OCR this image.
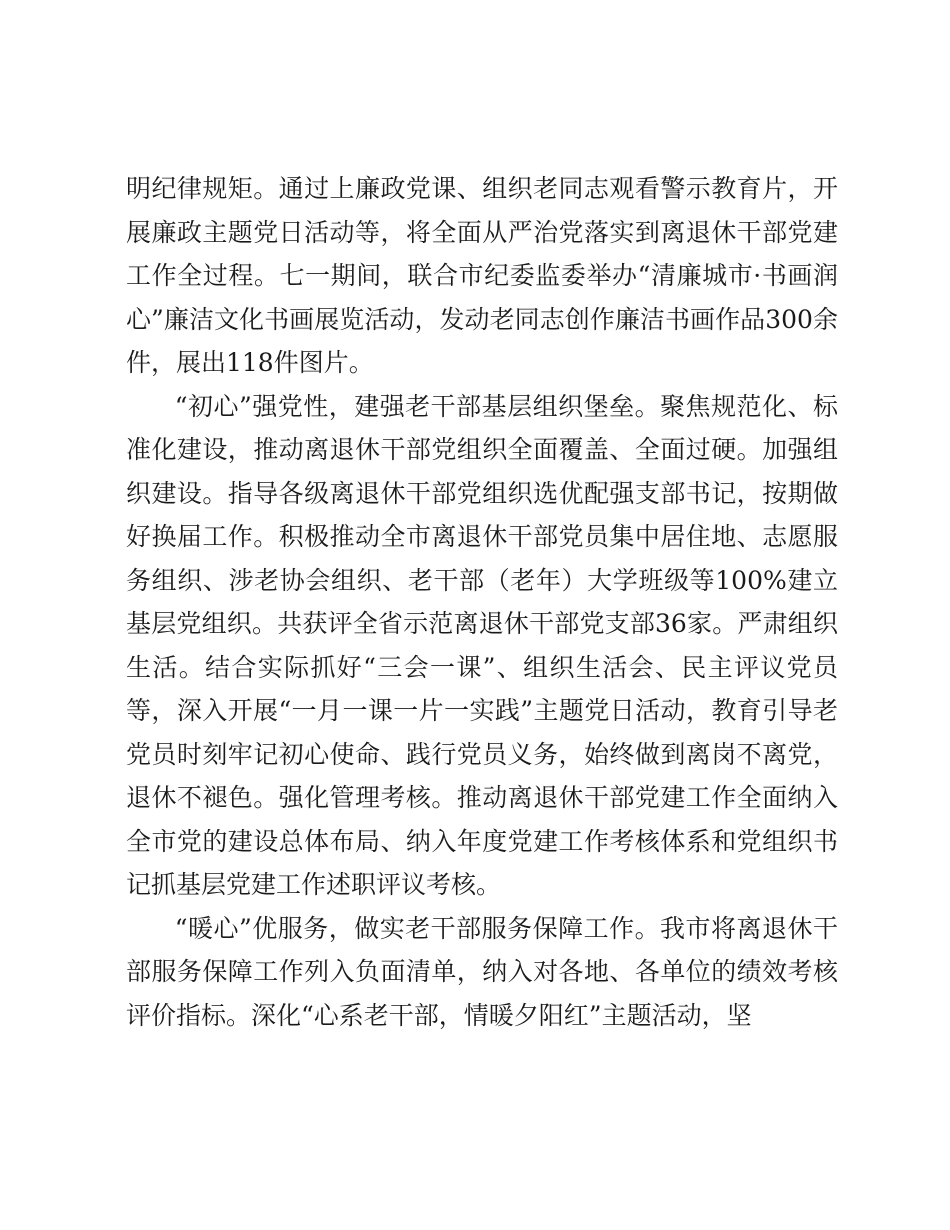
明纪律规矩。通过上廉政党课、组织老同志观看警示教育片，开展廉政主题党日活动等，将全面从严治党落实到离退休干部党建工作全过程。七一期间，联合市纪委监委举办“清廉城市·书画润心”廉洁文化书画展览活动，发动老同志创作廉洁书画作品300余件，展出118件图片。

“初心”强党性，建强老干部基层组织堡垒。聚焦规范化、标准化建设，推动离退休干部党组织全面覆盖、全面过硬。加强组织建设。指导各级离退休干部党组织选优配强支部书记，按期做好换届工作。积极推动全市离退休干部党员集中居住地、志愿服务组织、涉老协会组织、老干部（老年）大学班级等100%建立基层党组织。共获评全省示范离退休干部党支部36家。严肃组织生活。结合实际抓好“三会一课”、组织生活会、民主评议党员等，深入开展“一月一课一片一实践”主题党日活动，教育引导老党员时刻牢记初心使命、践行党员义务，始终做到离岗不离党，退休不褪色。强化管理考核。推动离退休干部党建工作全面纳入全市党的建设总体布局、纳入年度党建工作考核体系和党组织书记抓基层党建工作述职评议考核。

“暖心”优服务，做实老干部服务保障工作。我市将离退休干部服务保障工作列入负面清单，纳入对各地、各单位的绩效考核评价指标。深化“心系老干部，情暖夕阳红”主题活动，坚
